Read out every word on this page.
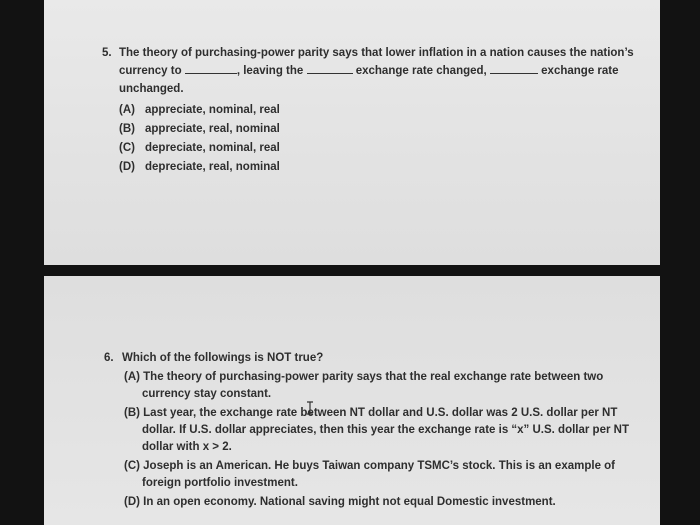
5. The theory of purchasing-power parity says that lower inflation in a nation causes the nation’s
currency to	, leaving the	exchange rate changed,	exchange rate
unchanged.
(A) appreciate, nominal, real
(B) appreciate, real, nominal
(C) depreciate, nominal, real
(D) depreciate, real, nominal
6. Which of the followings is NOT true?
(A) The theory of purchasing-power parity says that the real exchange rate between two
currency stay constant.
(B) Last year, the exchange rate between NT dollar and U.S. dollar was 2 U.S. dollar per NT
dollar. If U.S. dollar appreciates, then this year the exchange rate is “x” U.S. dollar per NT
dollar with x > 2.
(C) Joseph is an American. He buys Taiwan company TSMC’s stock. This is an example of
foreign portfolio investment.
(D) In an open economy. National saving might not equal Domestic investment.
